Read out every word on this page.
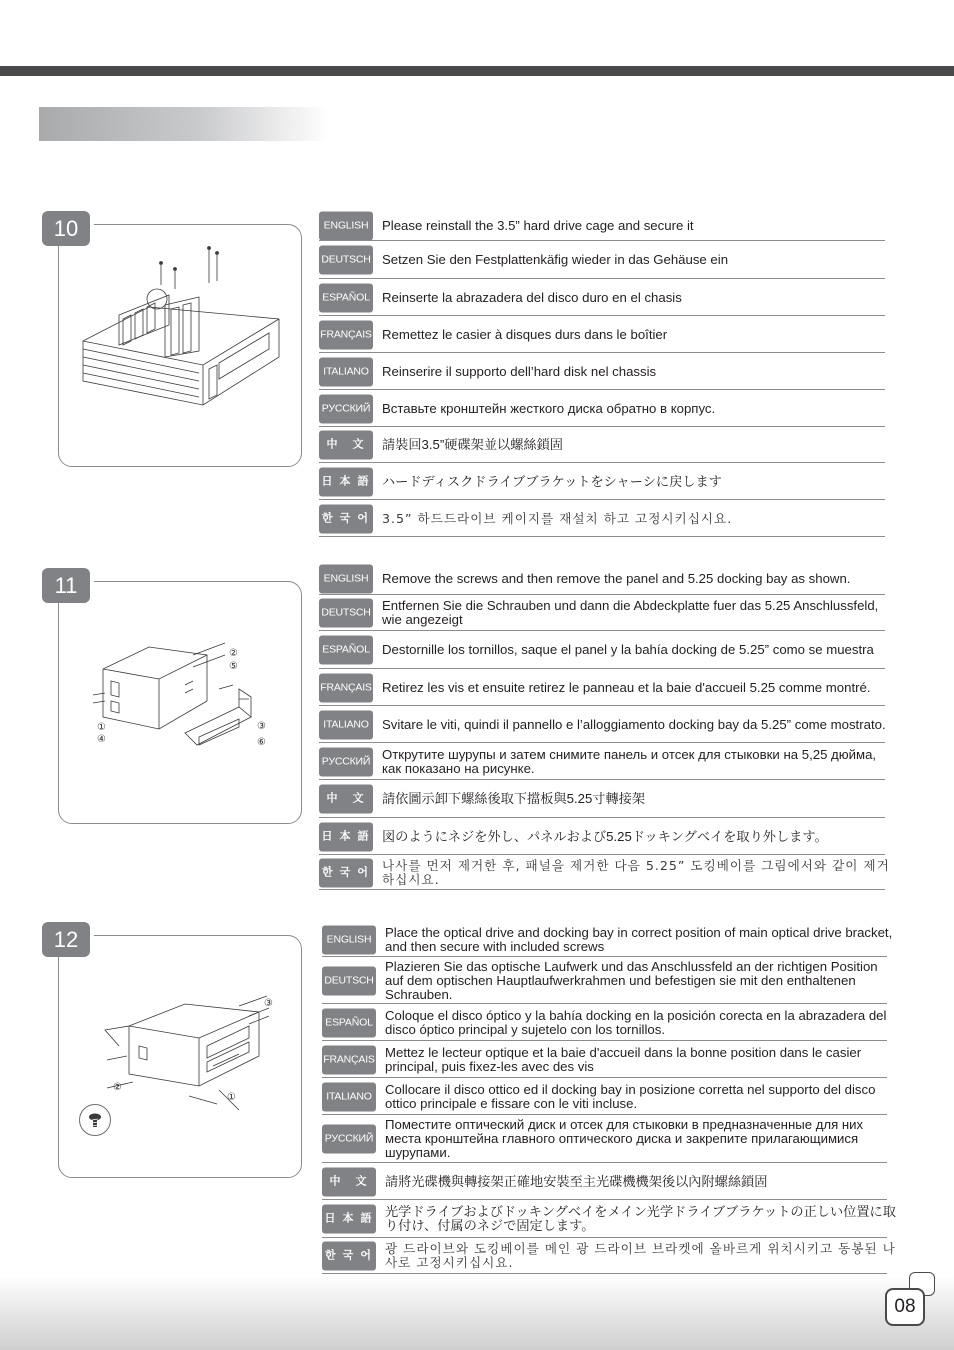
10	ENGLISH	Please reinstall the 3.5” hard drive cage and secure it
DEUTSCH Setzen Sie den Festplattenkäfig wieder in das Gehäuse ein
ESPAÑOL Reinserte la abrazadera del disco duro en el chasis
FRANÇAIS Remettez le casier à disques durs dans le boîtier
ITALIANO	Reinserire il supporto dell’hard disk nel chassis
РУССКИЙ Вставьте кронштейн жесткого диска обратно в корпус.
中　文	請裝回3.5”硬碟架並以螺絲鎖固
日 本 語 ハードディスクドライブブラケットをシャーシに戻します
한 국 어 3.5” 하드드라이브 케이지를 재설치 하고 고정시키십시요.
11
②
⑤
①
④
③
⑥
ENGLISH	Remove the screws and then remove the panel and 5.25 docking bay as shown.
DEUTSCH Entfernen Sie die Schrauben und dann die Abdeckplatte fuer das 5.25 Anschlussfeld, wie angezeigt
ESPAÑOL Destornille los tornillos, saque el panel y la bahía docking de 5.25” como se muestra
FRANÇAIS Retirez les vis et ensuite retirez le panneau et la baie d'accueil 5.25 comme montré.
ITALIANO	Svitare le viti, quindi il pannello e l’alloggiamento docking bay da 5.25” come mostrato.
РУССКИЙ Открутите шурупы и затем снимите панель и отсек для стыковки на 5,25 дюйма, как показано на рисунке.
中　文	請依圖示卸下螺絲後取下擋板與5.25寸轉接架
日 本 語 図のようにネジを外し、パネルおよび5.25ドッキングベイを取り外します。
한 국 어 나사를 먼저 제거한 후, 패널을 제거한 다음 5.25” 도킹베이를 그림에서와 같이 제거하십시요.
12
③
②
①
ENGLISH	Place the optical drive and docking bay in correct position of main optical drive bracket, and then secure with included screws
DEUTSCH
Plazieren Sie das optische Laufwerk und das Anschlussfeld an der richtigen Position auf dem optischen Hauptlaufwerkrahmen und befestigen sie mit den enthaltenen Schrauben.
ESPAÑOL Coloque el disco óptico y la bahía docking en la posición corecta en la abrazadera del disco óptico principal y sujetelo con los tornillos.
FRANÇAIS Mettez le lecteur optique et la baie d'accueil dans la bonne position dans le casier principal, puis fixez-les avec des vis
ITALIANO	Collocare il disco ottico ed il docking bay in posizione corretta nel supporto del disco ottico principale e fissare con le viti incluse.
РУССКИЙ
Поместите оптический диск и отсек для стыковки в предназначенные для них места кронштейна главного оптического диска и закрепите прилагающимися шурупами.
中　文	請將光碟機與轉接架正確地安裝至主光碟機機架後以內附螺絲鎖固
日 本 語 光学ドライブおよびドッキングベイをメイン光学ドライブブラケットの正しい位置に取り付け、付属のネジで固定します。
한 국 어 광 드라이브와 도킹베이를 메인 광 드라이브 브라켓에 올바르게 위치시키고 동봉된 나사로 고정시키십시요.
08
